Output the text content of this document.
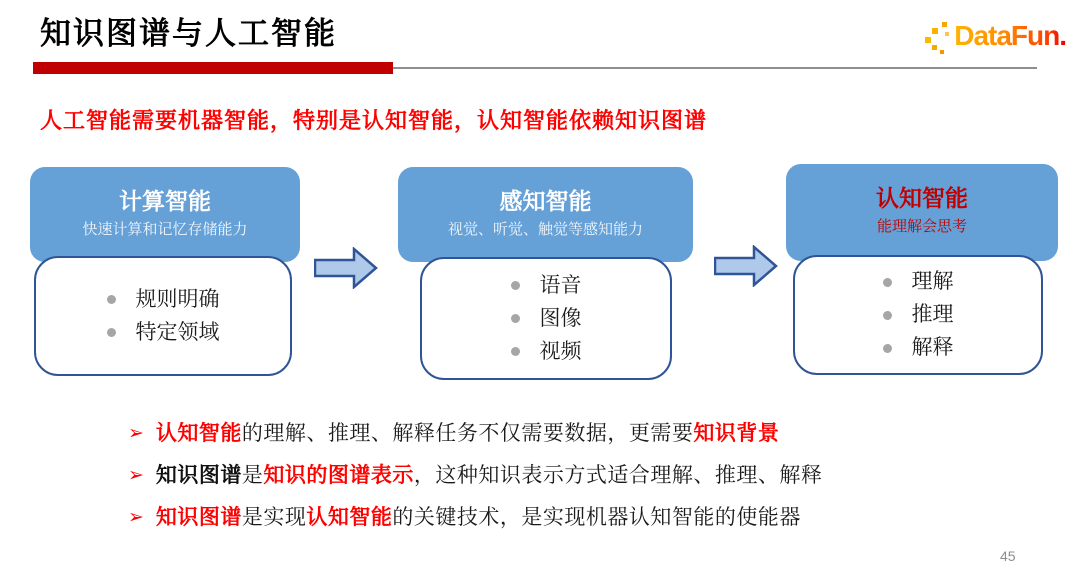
知识图谱与人工智能	DataFun.

人工智能需要机器智能，特别是认知智能，认知智能依赖知识图谱

计算智能
快速计算和记忆存储能力
规则明确
特定领域
感知智能
视觉、听觉、触觉等感知能力
语音
图像
视频
认知智能
能理解会思考
理解
推理
解释
➢ 认知智能的理解、推理、解释任务不仅需要数据，更需要知识背景

➢ 知识图谱是知识的图谱表示，这种知识表示方式适合理解、推理、解释

➢ 知识图谱是实现认知智能的关键技术，是实现机器认知智能的使能器

45
